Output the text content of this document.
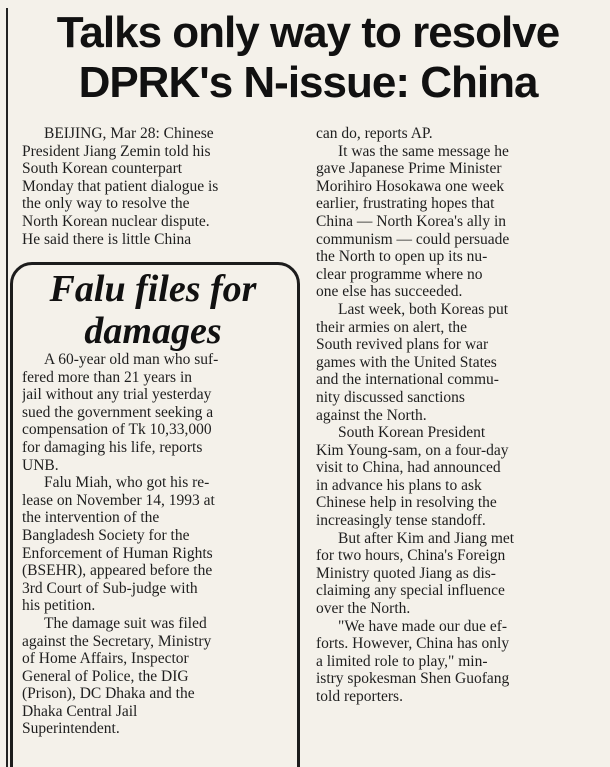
Talks only way to resolve
DPRK's N-issue: China
BEIJING, Mar 28: Chinese
President Jiang Zemin told his
South Korean counterpart
Monday that patient dialogue is
the only way to resolve the
North Korean nuclear dispute.
He said there is little China
can do, reports AP.
It was the same message he
gave Japanese Prime Minister
Morihiro Hosokawa one week
earlier, frustrating hopes that
China — North Korea's ally in
communism — could persuade
the North to open up its nu-
clear programme where no
one else has succeeded.
Last week, both Koreas put
their armies on alert, the
South revived plans for war
games with the United States
and the international commu-
nity discussed sanctions
against the North.
South Korean President
Kim Young-sam, on a four-day
visit to China, had announced
in advance his plans to ask
Chinese help in resolving the
increasingly tense standoff.
But after Kim and Jiang met
for two hours, China's Foreign
Ministry quoted Jiang as dis-
claiming any special influence
over the North.
"We have made our due ef-
forts. However, China has only
a limited role to play," min-
istry spokesman Shen Guofang
told reporters.
Falu files for
damages
A 60-year old man who suf-
fered more than 21 years in
jail without any trial yesterday
sued the government seeking a
compensation of Tk 10,33,000
for damaging his life, reports
UNB.
Falu Miah, who got his re-
lease on November 14, 1993 at
the intervention of the
Bangladesh Society for the
Enforcement of Human Rights
(BSEHR), appeared before the
3rd Court of Sub-judge with
his petition.
The damage suit was filed
against the Secretary, Ministry
of Home Affairs, Inspector
General of Police, the DIG
(Prison), DC Dhaka and the
Dhaka Central Jail
Superintendent.
